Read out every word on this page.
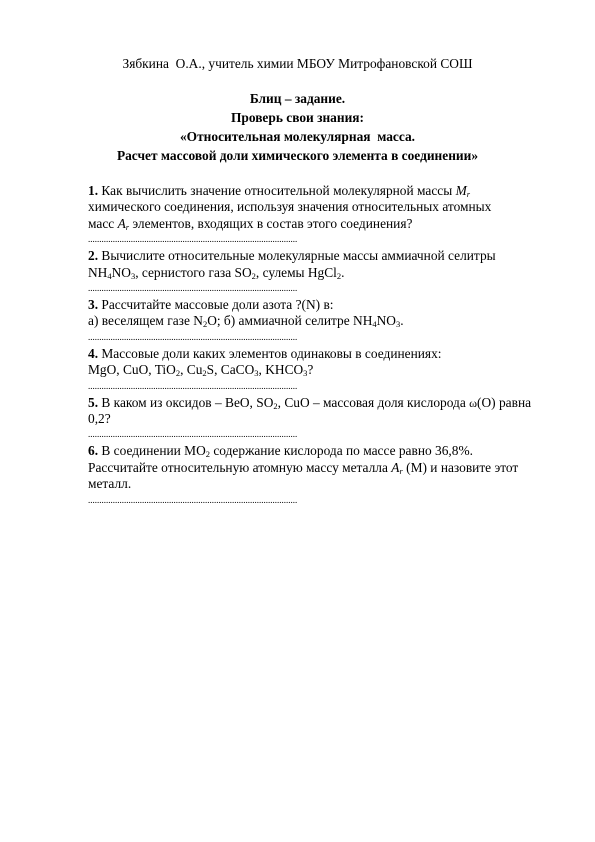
Зябкина  О.А., учитель химии МБОУ Митрофановской СОШ
Блиц – задание.
Проверь свои знания:
«Относительная молекулярная  масса.
Расчет массовой доли химического элемента в соединении»
1. Как вычислить значение относительной молекулярной массы $M_r$
химического соединения, используя значения относительных атомных
масс $A_r$ элементов, входящих в состав этого соединения?
.............................................................................................
2. Вычислите относительные молекулярные массы аммиачной селитры
$NH_4NO_3$, сернистого газа $SO_2$, сулемы HgCl$_2$.
.............................................................................................
3. Рассчитайте массовые доли азота ?(N) в:
а) веселящем газе $N_2O$; б) аммиачной селитре $NH_4NO_3$.
.............................................................................................
4. Массовые доли каких элементов одинаковы в соединениях:
MgO, CuO, TiO$_2$, $Cu_2S$, CaCO$_3$, $KHCO_3$?
.............................................................................................
5. В каком из оксидов – BeO, $SO_2$, CuO – массовая доля кислорода ω(O) равна
0,2?
.............................................................................................
6. В соединении $MO_2$ содержание кислорода по массе равно 36,8%.
Рассчитайте относительную атомную массу металла $A_r$ (M) и назовите этот
металл.
.............................................................................................
